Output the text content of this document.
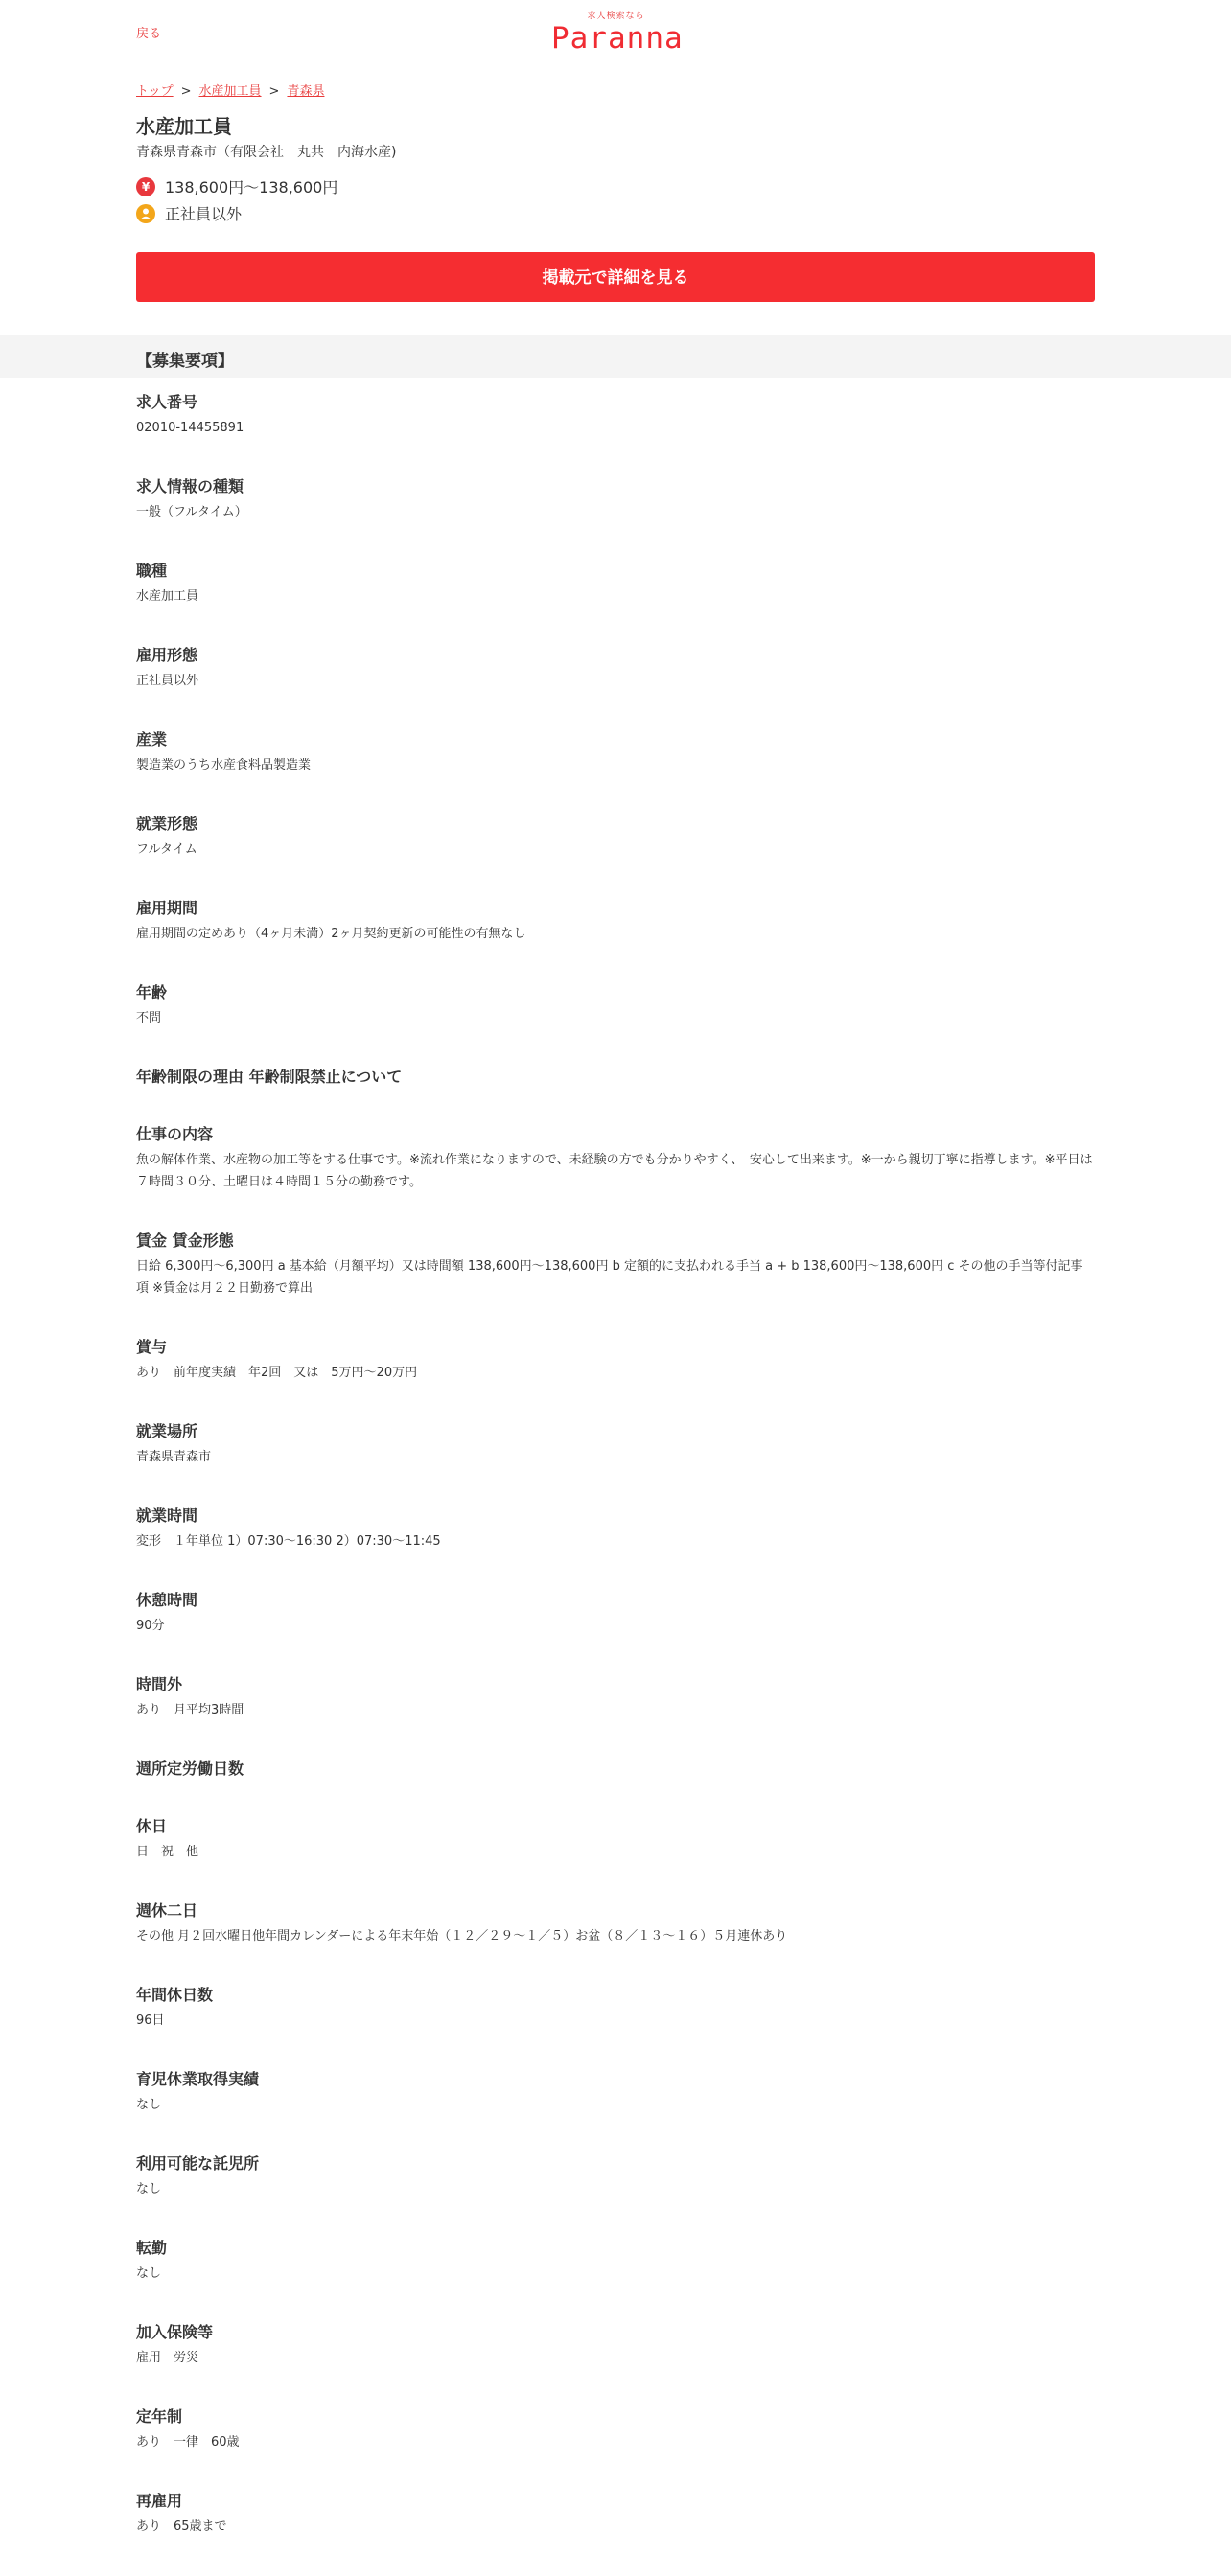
戻る
求人検索なら
Paranna
トップ > 水産加工員 > 青森県
水産加工員
青森県青森市（有限会社　丸共　内海水産)
¥ 138,600円～138,600円
正社員以外
掲載元で詳細を見る
【募集要項】
求人番号
02010-14455891
求人情報の種類
一般（フルタイム）
職種
水産加工員
雇用形態
正社員以外
産業
製造業のうち水産食料品製造業
就業形態
フルタイム
雇用期間
雇用期間の定めあり（4ヶ月未満）2ヶ月契約更新の可能性の有無なし
年齢
不問
年齢制限の理由 年齢制限禁止について
仕事の内容
魚の解体作業、水産物の加工等をする仕事です。※流れ作業になりますので、未経験の方でも分かりやすく、　安心して出来ます。※一から親切丁寧に指導します。※平日は７時間３０分、土曜日は４時間１５分の勤務です。
賃金 賃金形態
日給 6,300円～6,300円 a 基本給（月額平均）又は時間額 138,600円～138,600円 b 定額的に支払われる手当 a + b 138,600円～138,600円 c その他の手当等付記事項 ※賃金は月２２日勤務で算出
賞与
あり　前年度実績　年2回　又は　5万円～20万円
就業場所
青森県青森市
就業時間
変形　１年単位 1）07:30～16:30 2）07:30～11:45
休憩時間
90分
時間外
あり　月平均3時間
週所定労働日数
休日
日　祝　他
週休二日
その他 月２回水曜日他年間カレンダーによる年末年始（１２／２９～１／５）お盆（８／１３～１６）５月連休あり
年間休日数
96日
育児休業取得実績
なし
利用可能な託児所
なし
転勤
なし
加入保険等
雇用　労災
定年制
あり　一律　60歳
再雇用
あり　65歳まで
